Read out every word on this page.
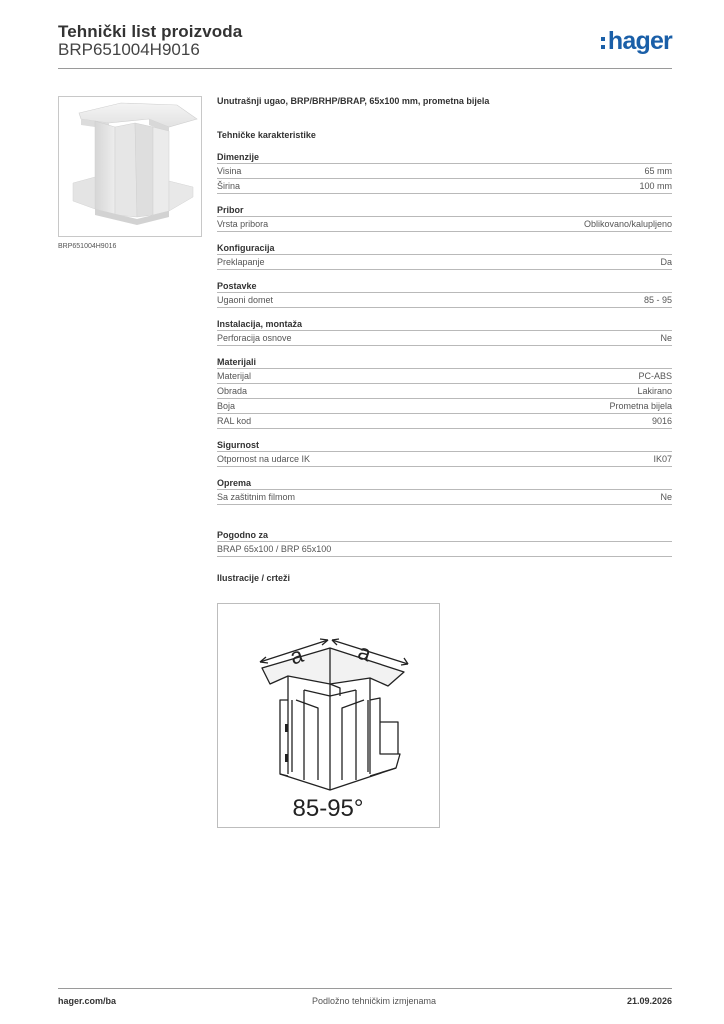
Tehnički list proizvoda
BRP651004H9016	hager
BRP651004H9016
Unutrašnji ugao, BRP/BRHP/BRAP, 65x100 mm, prometna bijela
Tehničke karakteristike
Dimenzije
Visina	65 mm
Širina	100 mm
Pribor
Vrsta pribora	Oblikovano/kalupljeno
Konfiguracija
Preklapanje	Da
Postavke
Ugaoni domet	85 - 95
Instalacija, montaža
Perforacija osnove	Ne
Materijali
Materijal	PC-ABS
Obrada	Lakirano
Boja	Prometna bijela
RAL kod	9016
Sigurnost
Otpornost na udarce IK	IK07
Oprema
Sa zaštitnim filmom	Ne
Pogodno za
BRAP 65x100 / BRP 65x100
Ilustracije / crteži
a a
85-95°
hager.com/ba	Podložno tehničkim izmjenama	21.09.2026
